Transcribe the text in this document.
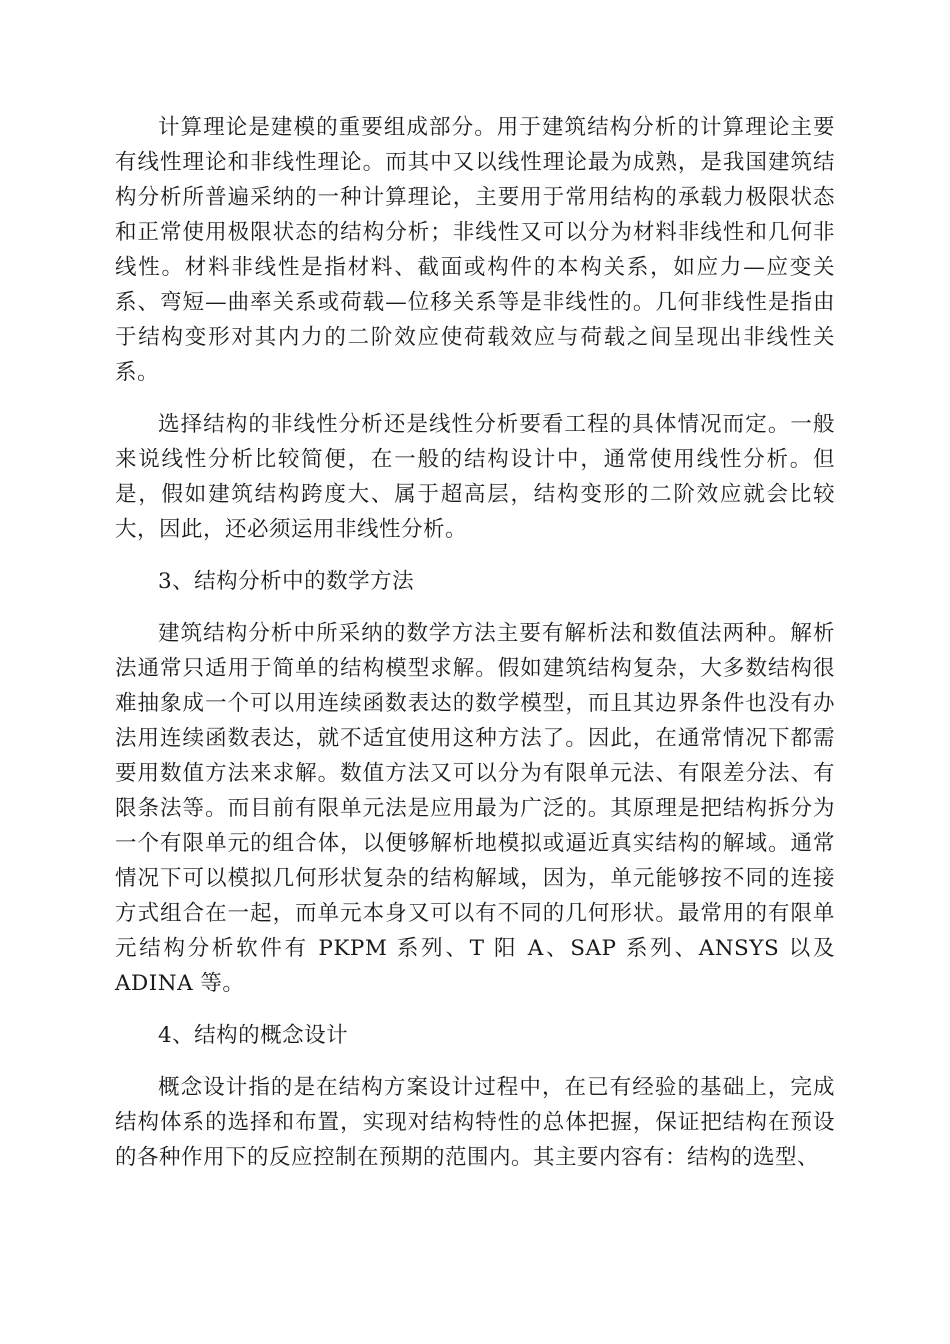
计算理论是建模的重要组成部分。用于建筑结构分析的计算理论主要有线性理论和非线性理论。而其中又以线性理论最为成熟，是我国建筑结构分析所普遍采纳的一种计算理论，主要用于常用结构的承载力极限状态和正常使用极限状态的结构分析；非线性又可以分为材料非线性和几何非线性。材料非线性是指材料、截面或构件的本构关系，如应力—应变关系、弯短—曲率关系或荷载—位移关系等是非线性的。几何非线性是指由于结构变形对其内力的二阶效应使荷载效应与荷载之间呈现出非线性关系。

选择结构的非线性分析还是线性分析要看工程的具体情况而定。一般来说线性分析比较简便，在一般的结构设计中，通常使用线性分析。但是，假如建筑结构跨度大、属于超高层，结构变形的二阶效应就会比较大，因此，还必须运用非线性分析。

3、结构分析中的数学方法

建筑结构分析中所采纳的数学方法主要有解析法和数值法两种。解析法通常只适用于简单的结构模型求解。假如建筑结构复杂，大多数结构很难抽象成一个可以用连续函数表达的数学模型，而且其边界条件也没有办法用连续函数表达，就不适宜使用这种方法了。因此，在通常情况下都需要用数值方法来求解。数值方法又可以分为有限单元法、有限差分法、有限条法等。而目前有限单元法是应用最为广泛的。其原理是把结构拆分为一个有限单元的组合体，以便够解析地模拟或逼近真实结构的解域。通常情况下可以模拟几何形状复杂的结构解域，因为，单元能够按不同的连接方式组合在一起，而单元本身又可以有不同的几何形状。最常用的有限单元结构分析软件有 PKPM 系列、T 阳 A、SAP 系列、ANSYS 以及 ADINA 等。

4、结构的概念设计

概念设计指的是在结构方案设计过程中，在已有经验的基础上，完成结构体系的选择和布置，实现对结构特性的总体把握，保证把结构在预设的各种作用下的反应控制在预期的范围内。其主要内容有：结构的选型、
